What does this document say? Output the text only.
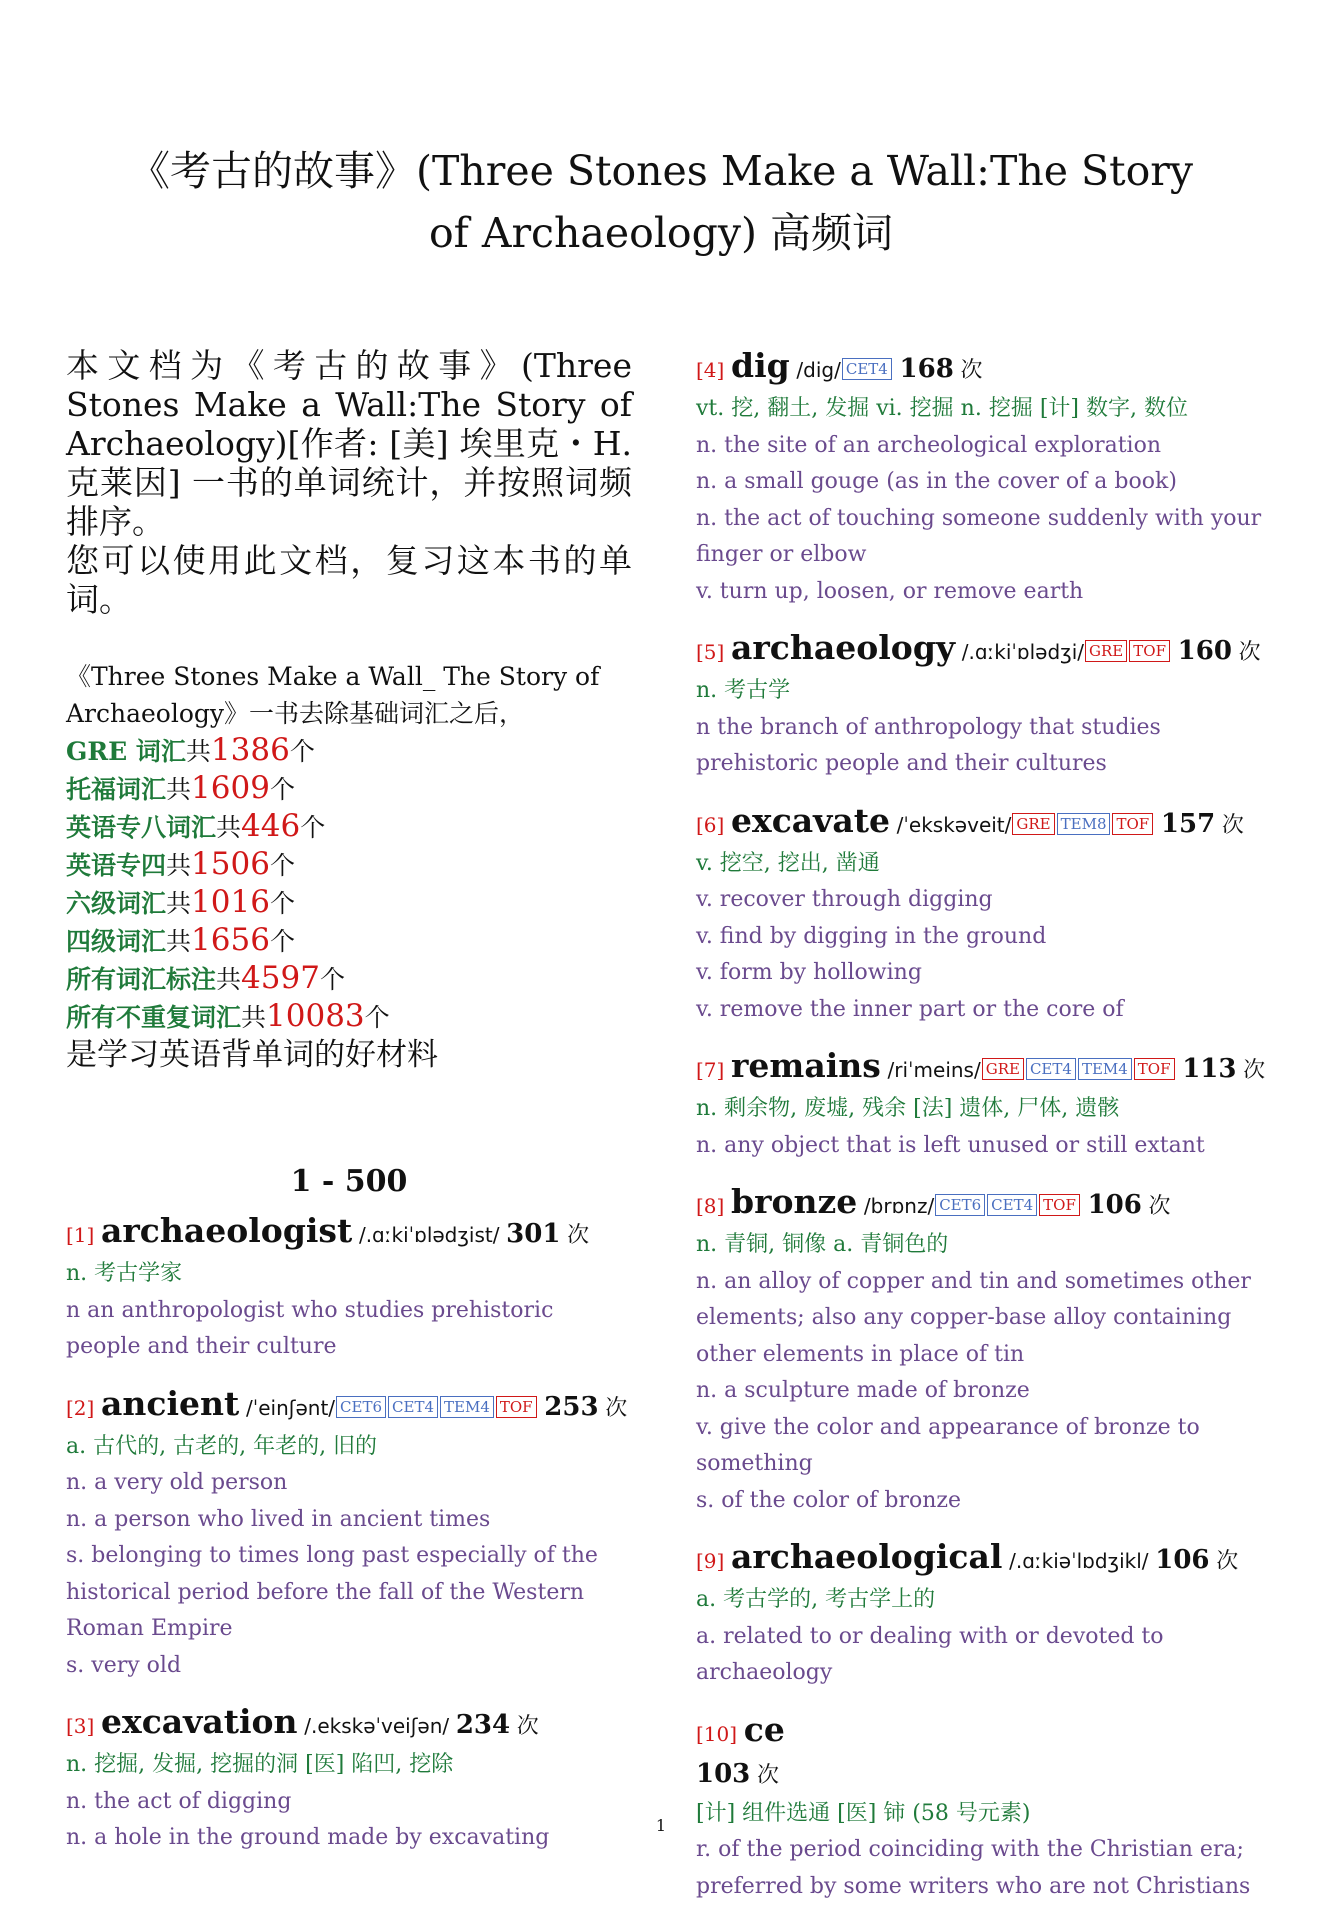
《考古的故事》(Three Stones Make a Wall:The Story of Archaeology) 高频词

本文档为《考古的故事》(Three Stones Make a Wall:The Story of Archaeology)[作者: [美] 埃里克・H. 克莱因] 一书的单词统计，并按照词频排序。

您可以使用此文档，复习这本书的单词。

《Three Stones Make a Wall_ The Story of Archaeology》一书去除基础词汇之后，
GRE 词汇共1386个
托福词汇共1609个
英语专八词汇共446个
英语专四共1506个
六级词汇共1016个
四级词汇共1656个
所有词汇标注共4597个
所有不重复词汇共10083个
是学习英语背单词的好材料
1 - 500
[1] archaeologist /.ɑːkiˈɒlədʒist/ 301 次
n. 考古学家
n an anthropologist who studies prehistoric people and their culture
[2] ancient /ˈeinʃənt/ CET6 CET4 TEM4 TOF 253 次
a. 古代的, 古老的, 年老的, 旧的
n. a very old person
n. a person who lived in ancient times
s. belonging to times long past especially of the historical period before the fall of the Western Roman Empire
s. very old
[3] excavation /.ekskəˈveiʃən/ 234 次
n. 挖掘, 发掘, 挖掘的洞 [医] 陷凹, 挖除
n. the act of digging
n. a hole in the ground made by excavating
[4] dig /dig/ CET4 168 次
vt. 挖, 翻土, 发掘 vi. 挖掘 n. 挖掘 [计] 数字, 数位
n. the site of an archeological exploration
n. a small gouge (as in the cover of a book)
n. the act of touching someone suddenly with your finger or elbow
v. turn up, loosen, or remove earth
[5] archaeology /.ɑːkiˈɒlədʒi/ GRE TOF 160 次
n. 考古学
n the branch of anthropology that studies prehistoric people and their cultures
[6] excavate /ˈekskəveit/ GRE TEM8 TOF 157 次
v. 挖空, 挖出, 凿通
v. recover through digging
v. find by digging in the ground
v. form by hollowing
v. remove the inner part or the core of
[7] remains /riˈmeins/ GRE CET4 TEM4 TOF 113 次
n. 剩余物, 废墟, 残余 [法] 遗体, 尸体, 遗骸
n. any object that is left unused or still extant
[8] bronze /brɒnz/ CET6 CET4 TOF 106 次
n. 青铜, 铜像 a. 青铜色的
n. an alloy of copper and tin and sometimes other elements; also any copper-base alloy containing other elements in place of tin
n. a sculpture made of bronze
v. give the color and appearance of bronze to something
s. of the color of bronze
[9] archaeological /.ɑːkiəˈlɒdʒikl/ 106 次
a. 考古学的, 考古学上的
a. related to or dealing with or devoted to archaeology
[10] ce
103 次
[计] 组件选通 [医] 铈 (58 号元素)
r. of the period coinciding with the Christian era; preferred by some writers who are not Christians
1
